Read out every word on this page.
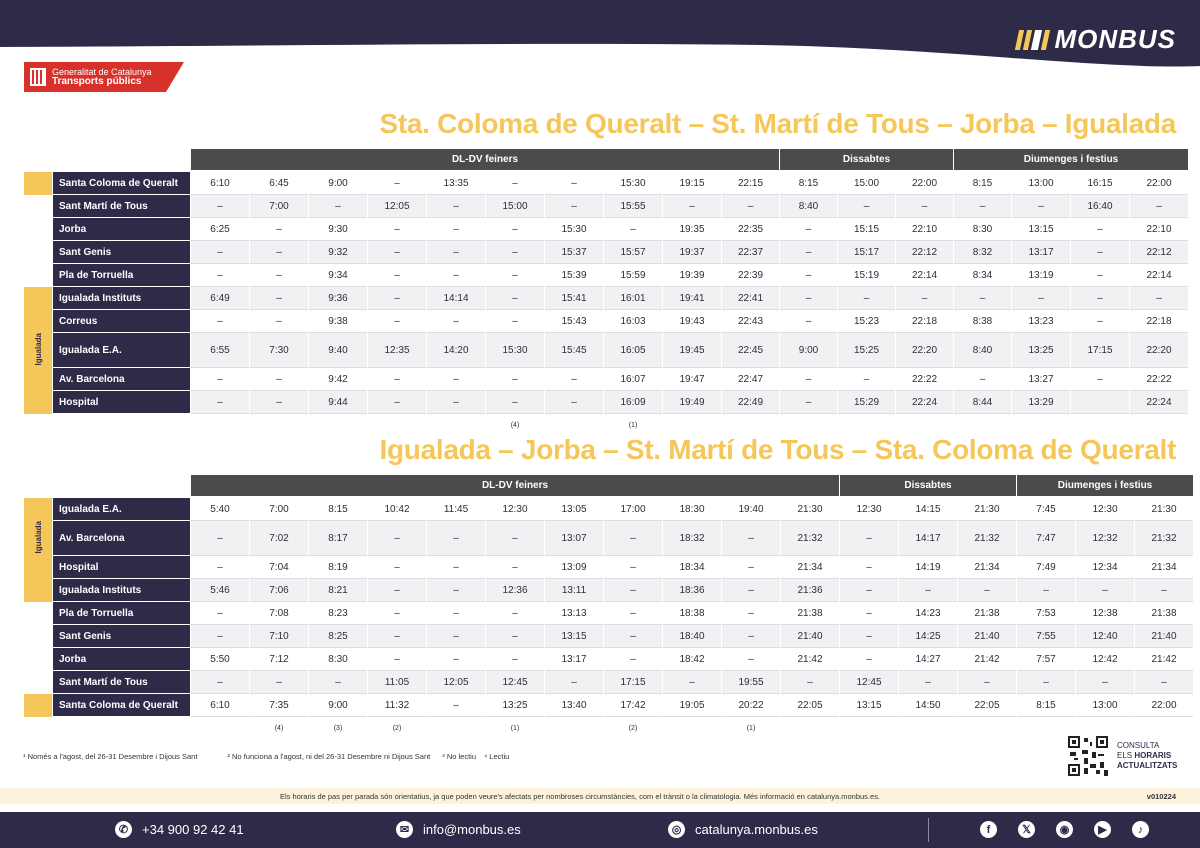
MONBUS
Generalitat de Catalunya
Transports públics
Sta. Coloma de Queralt – St. Martí de Tous – Jorba – Igualada
		DL-DV feiners										Dissabtes			Diumenges i festius			

	Santa Coloma de Queralt	6:10	6:45	9:00	–	13:35	–	–	15:30	19:15	22:15	8:15	15:00	22:00	8:15	13:00	16:15	22:00
	Sant Martí de Tous	–	7:00	–	12:05	–	15:00	–	15:55	–	–	8:40	–	–	–	–	16:40	–
	Jorba	6:25	–	9:30	–	–	–	15:30	–	19:35	22:35	–	15:15	22:10	8:30	13:15	–	22:10
	Sant Genis	–	–	9:32	–	–	–	15:37	15:57	19:37	22:37	–	15:17	22:12	8:32	13:17	–	22:12
	Pla de Torruella	–	–	9:34	–	–	–	15:39	15:59	19:39	22:39	–	15:19	22:14	8:34	13:19	–	22:14
	Igualada Instituts	6:49	–	9:36	–	14:14	–	15:41	16:01	19:41	22:41	–	–	–	–	–	–	–
	Correus	–	–	9:38	–	–	–	15:43	16:03	19:43	22:43	–	15:23	22:18	8:38	13:23	–	22:18
Igualada	Igualada E.A.	6:55	7:30	9:40	12:35	14:20	15:30	15:45	16:05	19:45	22:45	9:00	15:25	22:20	8:40	13:25	17:15	22:20
	Av. Barcelona	–	–	9:42	–	–	–	–	16:07	19:47	22:47	–	–	22:22	–	13:27	–	22:22
	Hospital	–	–	9:44	–	–	–	–	16:09	19:49	22:49	–	15:29	22:24	8:44	13:29		22:24
							(4)		(1)									
Igualada – Jorba – St. Martí de Tous – Sta. Coloma de Queralt
		DL-DV feiners											Dissabtes			Diumenges i festius		

	Igualada E.A.	5:40	7:00	8:15	10:42	11:45	12:30	13:05	17:00	18:30	19:40	21:30	12:30	14:15	21:30	7:45	12:30	21:30
Igualada	Av. Barcelona	–	7:02	8:17	–	–	–	13:07	–	18:32	–	21:32	–	14:17	21:32	7:47	12:32	21:32
	Hospital	–	7:04	8:19	–	–	–	13:09	–	18:34	–	21:34	–	14:19	21:34	7:49	12:34	21:34
	Igualada Instituts	5:46	7:06	8:21	–	–	12:36	13:11	–	18:36	–	21:36	–	–	–	–	–	–
	Pla de Torruella	–	7:08	8:23	–	–	–	13:13	–	18:38	–	21:38	–	14:23	21:38	7:53	12:38	21:38
	Sant Genis	–	7:10	8:25	–	–	–	13:15	–	18:40	–	21:40	–	14:25	21:40	7:55	12:40	21:40
	Jorba	5:50	7:12	8:30	–	–	–	13:17	–	18:42	–	21:42	–	14:27	21:42	7:57	12:42	21:42
	Sant Martí de Tous	–	–	–	11:05	12:05	12:45	–	17:15	–	19:55	–	12:45	–	–	–	–	–
	Santa Coloma de Queralt	6:10	7:35	9:00	11:32	–	13:25	13:40	17:42	19:05	20:22	22:05	13:15	14:50	22:05	8:15	13:00	22:00
			(4)	(3)	(2)		(1)		(2)		(1)							
¹ Només a l'agost, del 26-31 Desembre i Dijous Sant	² No funciona a l'agost, ni del 26-31 Desembre ni Dijous Sant ³ No lectiu ⁴ Lectiu
CONSULTA
ELS HORARIS
ACTUALITZATS
Els horaris de pas per parada són orientatius, ja que poden veure's afectats per nombroses circumstàncies, com el trànsit o la climatologia. Més informació en catalunya.monbus.es.	v010224
✆ +34 900 92 42 41	✉ info@monbus.es	◎ catalunya.monbus.es	f	𝕏	◉	▶	♪
